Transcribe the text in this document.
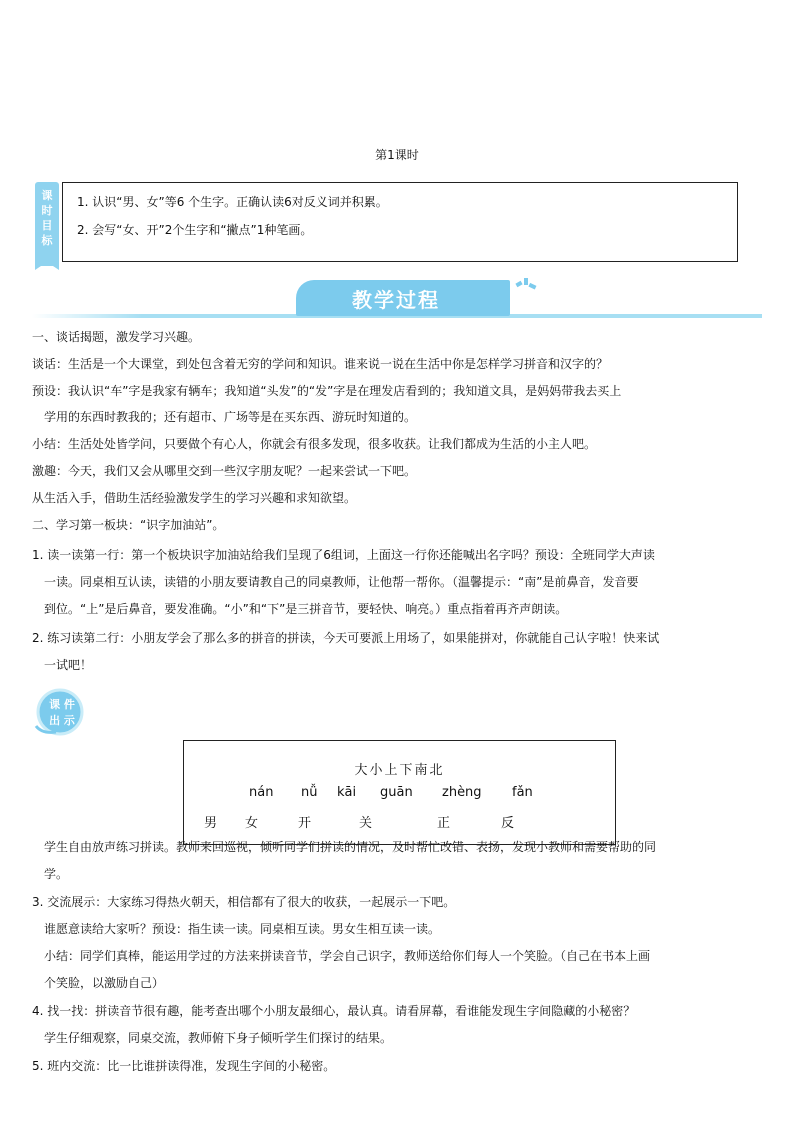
第1课时
课
时
目
标
1. 认识“男、女”等6 个生字。正确认读6对反义词并积累。
2. 会写“女、开”2个生字和“撇点”1种笔画。
教学过程
一、谈话揭题，激发学习兴趣。
谈话：生活是一个大课堂，到处包含着无穷的学问和知识。谁来说一说在生活中你是怎样学习拼音和汉字的？
预设：我认识“车”字是我家有辆车；我知道“头发”的“发”字是在理发店看到的；我知道文具，是妈妈带我去买上
学用的东西时教我的；还有超市、广场等是在买东西、游玩时知道的。
小结：生活处处皆学问，只要做个有心人，你就会有很多发现，很多收获。让我们都成为生活的小主人吧。
激趣：今天，我们又会从哪里交到一些汉字朋友呢？一起来尝试一下吧。
从生活入手，借助生活经验激发学生的学习兴趣和求知欲望。
二、学习第一板块：“识字加油站”。
1. 读一读第一行：第一个板块识字加油站给我们呈现了6组词，上面这一行你还能喊出名字吗？预设：全班同学大声读
一读。同桌相互认读，读错的小朋友要请教自己的同桌教师，让他帮一帮你。（温馨提示：“南”是前鼻音，发音要
到位。“上”是后鼻音，要发准确。“小”和“下”是三拼音节，要轻快、响亮。）重点指着再齐声朗读。
2. 练习读第二行：小朋友学会了那么多的拼音的拼读，今天可要派上用场了，如果能拼对，你就能自己认字啦！快来试
一试吧！
课 件
出 示
大小上下南北
nán nǚ kāi guān zhèng fǎn
男 女	开	关	正	反
学生自由放声练习拼读。教师来回巡视，倾听同学们拼读的情况，及时帮忙改错、表扬，发现小教师和需要帮助的同
学。
3. 交流展示：大家练习得热火朝天，相信都有了很大的收获，一起展示一下吧。
谁愿意读给大家听？预设：指生读一读。同桌相互读。男女生相互读一读。
小结：同学们真棒，能运用学过的方法来拼读音节，学会自己识字，教师送给你们每人一个笑脸。（自己在书本上画
个笑脸，以激励自己）
4. 找一找：拼读音节很有趣，能考查出哪个小朋友最细心，最认真。请看屏幕，看谁能发现生字间隐藏的小秘密？
学生仔细观察，同桌交流，教师俯下身子倾听学生们探讨的结果。
5. 班内交流：比一比谁拼读得准，发现生字间的小秘密。
